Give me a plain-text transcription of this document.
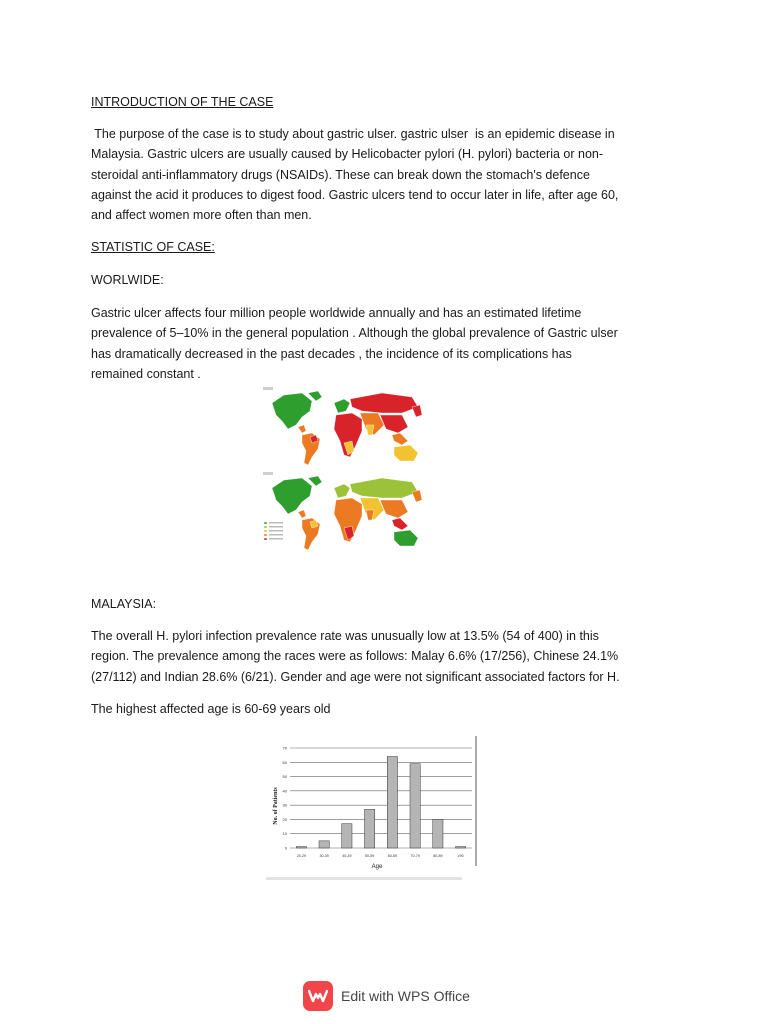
INTRODUCTION OF THE CASE

The purpose of the case is to study about gastric ulser. gastric ulser  is an epidemic disease in
Malaysia. Gastric ulcers are usually caused by Helicobacter pylori (H. pylori) bacteria or non-
steroidal anti-inflammatory drugs (NSAIDs). These can break down the stomach's defence
against the acid it produces to digest food. Gastric ulcers tend to occur later in life, after age 60,
and affect women more often than men.

STATISTIC OF CASE:

WORLWIDE:

Gastric ulcer affects four million people worldwide annually and has an estimated lifetime
prevalence of 5–10% in the general population . Although the global prevalence of Gastric ulser
has dramatically decreased in the past decades , the incidence of its complications has
remained constant .

MALAYSIA:

The overall H. pylori infection prevalence rate was unusually low at 13.5% (54 of 400) in this
region. The prevalence among the races were as follows: Malay 6.6% (17/256), Chinese 24.1%
(27/112) and Indian 28.6% (6/21). Gender and age were not significant associated factors for H.

The highest affected age is 60-69 years old

0
10
20
30
40
50
60
70
20-29	30-39	40-49	50-59	60-69	70-79	80-89	≥90
Age
No. of Patients
Edit with WPS Office
